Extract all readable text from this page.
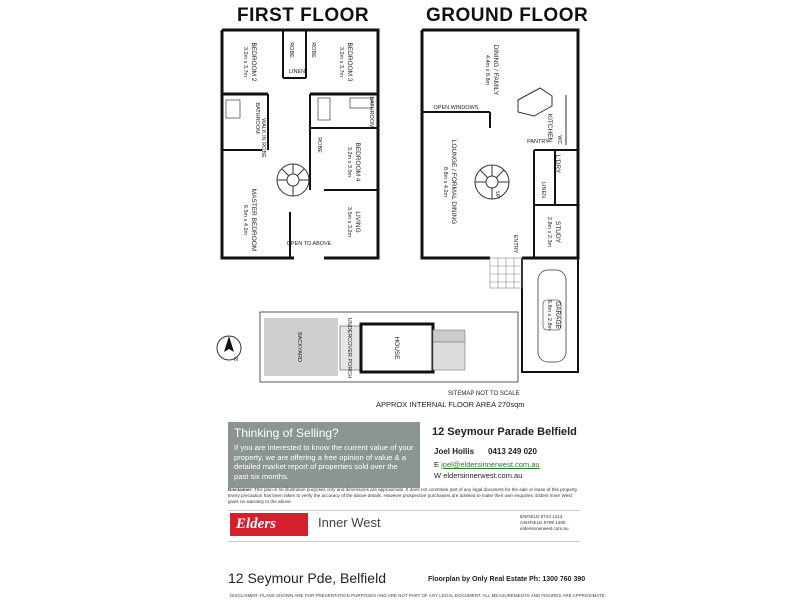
FIRST FLOOR	GROUND FLOOR
BEDROOM 2
3.2m x 3.7m	ROBE	ROBE	BEDROOM 3
3.2m x 3.7m
LINEN
BATHROOM	BATHROOM
WALK IN ROBE	ROBE	BEDROOM 4
3.2m x 3.0m
MASTER BEDROOM
6.5m x 4.2m	LIVING
3.5m x 3.2m
OPEN TO ABOVE
DINING / FAMILY
4.4m x 8.8m
OPEN WINDOWS
KITCHEN
PANTRY WC
L'DRY
LOUNGE / FORMAL DINING
8.8m x 4.2m	LINEN
STUDY
2.8m x 2.3m
ENTRY
GARAGE
6.8m x 2.8m
UP
BACKYARD	UNDERCOVER PORCH	HOUSE
N
SITEMAP NOT TO SCALE
APPROX INTERNAL FLOOR AREA 270sqm
Thinking of Selling?

If you are interested to know the current value of your property, we are offering a free opinion of value & a detailed market report of properties sold over the past six months.

12 Seymour Parade Belfield
Joel Hollis 0413 249 020
E joel@eldersinnerwest.com.au
W eldersinnerwest.com.au
Disclaimer: This plan is for illustrative purposes only and dimensions are approximate. It does not constitute part of any legal document for the sale or lease of this property. Every precaution has been taken to verify the accuracy of the above details. However prospective purchasers are advised to make their own enquiries. Elders Inner West gives no warranty to the above.
Elders	Inner West	ENFIELD 9744 1212
ASHFIELD 9799 1400
eldersinnerwest.com.au
12 Seymour Pde, Belfield	Floorplan by Only Real Estate Ph: 1300 760 390
DISCLAIMER: PLANS SHOWN ARE FOR PRESENTATION PURPOSES AND ARE NOT PART OF ANY LEGAL DOCUMENT. ALL MEASUREMENTS AND FIGURES ARE APPROXIMATE.
